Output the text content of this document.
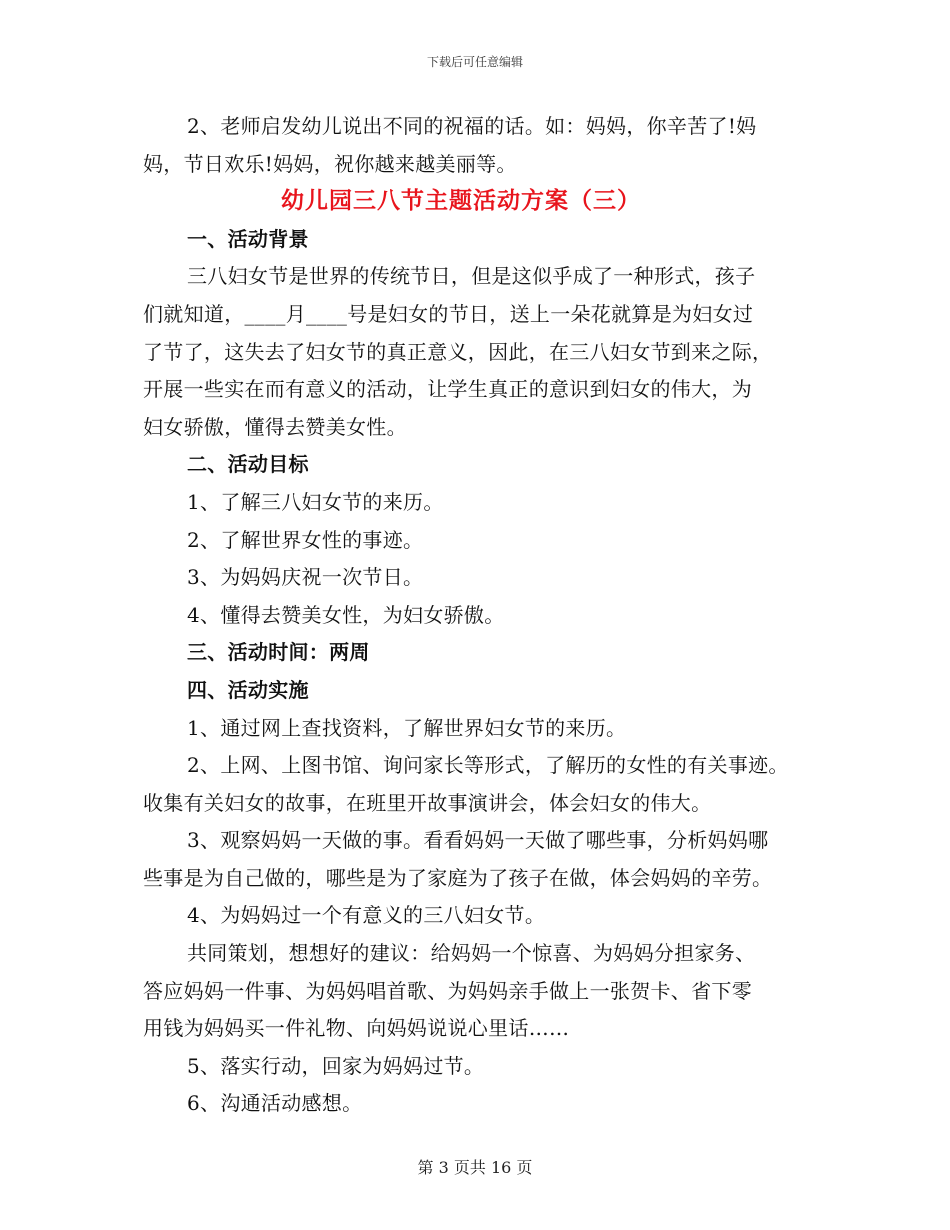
下载后可任意编辑
2、老师启发幼儿说出不同的祝福的话。如：妈妈，你辛苦了!妈
妈，节日欢乐!妈妈，祝你越来越美丽等。
幼儿园三八节主题活动方案（三）
一、活动背景
三八妇女节是世界的传统节日，但是这似乎成了一种形式，孩子
们就知道，____月____号是妇女的节日，送上一朵花就算是为妇女过
了节了，这失去了妇女节的真正意义，因此，在三八妇女节到来之际，
开展一些实在而有意义的活动，让学生真正的意识到妇女的伟大，为
妇女骄傲，懂得去赞美女性。
二、活动目标
1、了解三八妇女节的来历。
2、了解世界女性的事迹。
3、为妈妈庆祝一次节日。
4、懂得去赞美女性，为妇女骄傲。
三、活动时间：两周
四、活动实施
1、通过网上查找资料，了解世界妇女节的来历。
2、上网、上图书馆、询问家长等形式，了解历的女性的有关事迹。
收集有关妇女的故事，在班里开故事演讲会，体会妇女的伟大。
3、观察妈妈一天做的事。看看妈妈一天做了哪些事，分析妈妈哪
些事是为自己做的，哪些是为了家庭为了孩子在做，体会妈妈的辛劳。
4、为妈妈过一个有意义的三八妇女节。
共同策划，想想好的建议：给妈妈一个惊喜、为妈妈分担家务、
答应妈妈一件事、为妈妈唱首歌、为妈妈亲手做上一张贺卡、省下零
用钱为妈妈买一件礼物、向妈妈说说心里话……
5、落实行动，回家为妈妈过节。
6、沟通活动感想。
第 3 页共 16 页
